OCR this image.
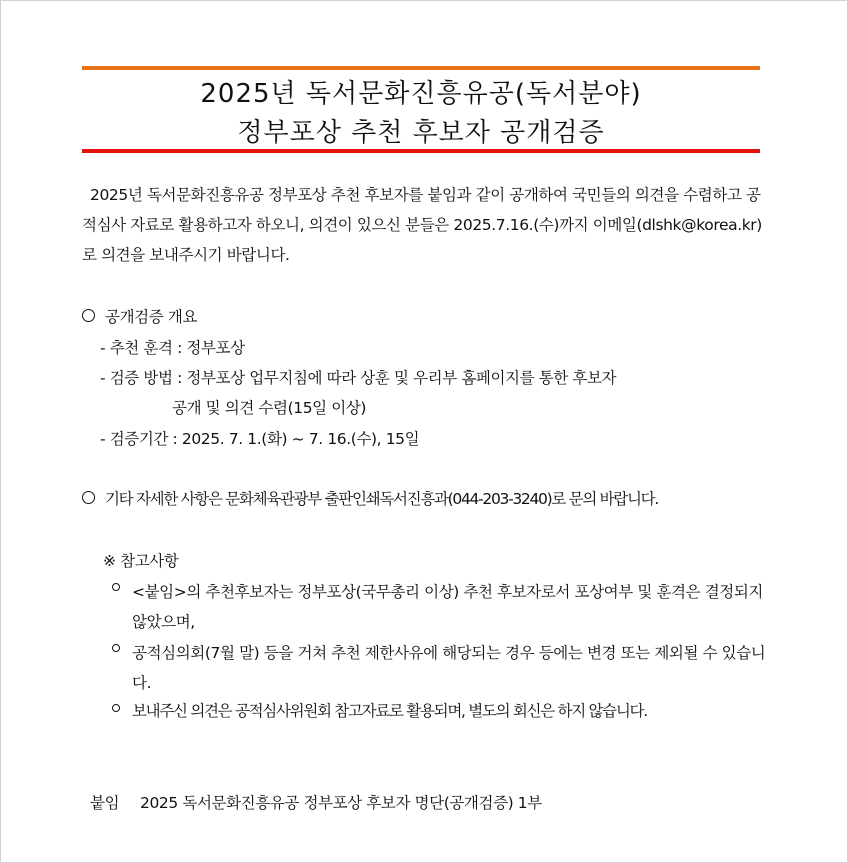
2025년 독서문화진흥유공(독서분야)
정부포상 추천 후보자 공개검증
2025년 독서문화진흥유공 정부포상 추천 후보자를 붙임과 같이 공개하여 국민들의 의견을 수렴하고 공적심사 자료로 활용하고자 하오니, 의견이 있으신 분들은 2025.7.16.(수)까지 이메일(dlshk@korea.kr)로 의견을 보내주시기 바랍니다.
공개검증 개요
- 추천 훈격 : 정부포상
- 검증 방법 : 정부포상 업무지침에 따라 상훈 및 우리부 홈페이지를 통한 후보자
공개 및 의견 수렴(15일 이상)
- 검증기간 : 2025. 7. 1.(화) ~ 7. 16.(수), 15일
기타 자세한 사항은 문화체육관광부 출판인쇄독서진흥과(044-203-3240)로 문의 바랍니다.
※ 참고사항
<붙임>의 추천후보자는 정부포상(국무총리 이상) 추천 후보자로서 포상여부 및 훈격은 결정되지 않았으며,
공적심의회(7월 말) 등을 거쳐 추천 제한사유에 해당되는 경우 등에는 변경 또는 제외될 수 있습니다.
보내주신 의견은 공적심사위원회 참고자료로 활용되며, 별도의 회신은 하지 않습니다.
붙임 2025 독서문화진흥유공 정부포상 후보자 명단(공개검증) 1부
